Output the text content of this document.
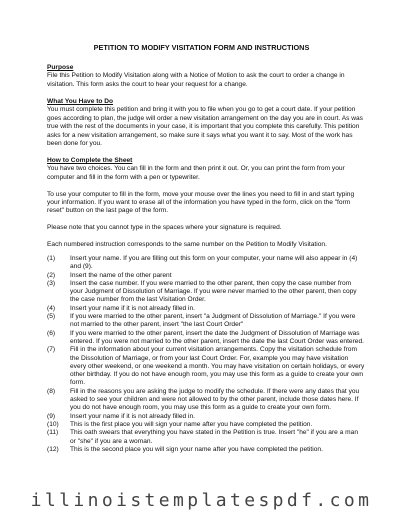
PETITION TO MODIFY VISITATION FORM AND INSTRUCTIONS
Purpose

File this Petition to Modify Visitation along with a Notice of Motion to ask the court to order a change in visitation. This form asks the court to hear your request for a change.

What You Have to Do

You must complete this petition and bring it with you to file when you go to get a court date. If your petition goes according to plan, the judge will order a new visitation arrangement on the day you are in court. As was true with the rest of the documents in your case, it is important that you complete this carefully. This petition asks for a new visitation arrangement, so make sure it says what you want it to say. Most of the work has been done for you.

How to Complete the Sheet

You have two choices. You can fill in the form and then print it out. Or, you can print the form from your computer and fill in the form with a pen or typewriter.

To use your computer to fill in the form, move your mouse over the lines you need to fill in and start typing your information. If you want to erase all of the information you have typed in the form, click on the "form reset" button on the last page of the form.

Please note that you cannot type in the spaces where your signature is required.

Each numbered instruction corresponds to the same number on the Petition to Modify Visitation.

(1)	Insert your name. If you are filling out this form on your computer, your name will also appear in (4) and (9).
(2)	Insert the name of the other parent
(3)	Insert the case number. If you were married to the other parent, then copy the case number from your Judgment of Dissolution of Marriage. If you were never married to the other parent, then copy the case number from the last Visitation Order.
(4)	Insert your name if it is not already filled in.
(5)	If you were married to the other parent, insert "a Judgment of Dissolution of Marriage." If you were not married to the other parent, insert "the last Court Order"
(6)	If you were married to the other parent, insert the date the Judgment of Dissolution of Marriage was entered. If you were not married to the other parent, insert the date the last Court Order was entered.
(7)	Fill in the information about your current visitation arrangements. Copy the visitation schedule from the Dissolution of Marriage, or from your last Court Order. For, example you may have visitation every other weekend, or one weekend a month. You may have visitation on certain holidays, or every other birthday. If you do not have enough room, you may use this form as a guide to create your own form.
(8)	Fill in the reasons you are asking the judge to modify the schedule. If there were any dates that you asked to see your children and were not allowed to by the other parent, include those dates here. If you do not have enough room, you may use this form as a guide to create your own form.
(9)	Insert your name if it is not already filled in.
(10)	This is the first place you will sign your name after you have completed the petition.
(11)	This oath swears that everything you have stated in the Petition is true. Insert "he" if you are a man or "she" if you are a woman.
(12)	This is the second place you will sign your name after you have completed the petition.
illinoistemplatespdf.com
